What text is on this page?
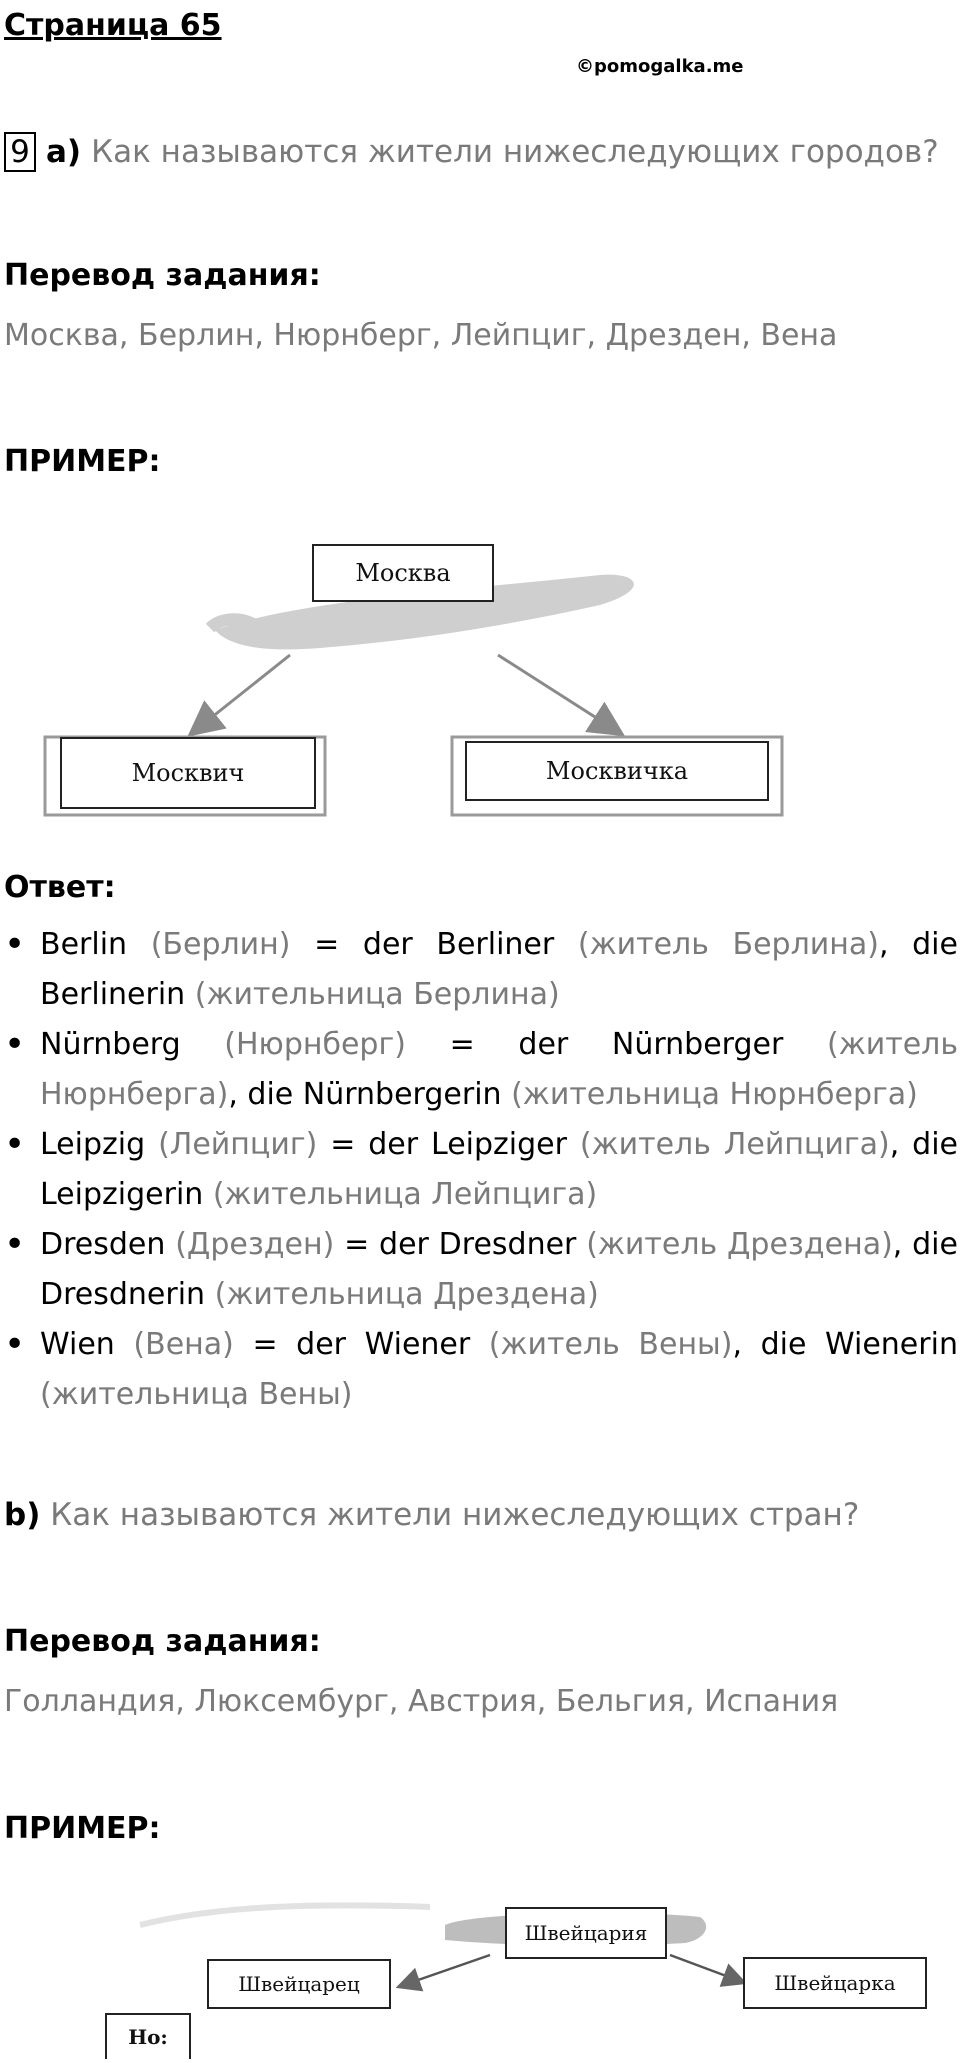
Страница 65
©pomogalka.me
9 a) Как называются жители нижеследующих городов?
Перевод задания:
Москва, Берлин, Нюрнберг, Лейпциг, Дрезден, Вена
ПРИМЕР:
Москва
Москвич	Москвичка
Ответ:
• Berlin (Берлин) = der Berliner (житель Берлина), die Berlinerin (жительница Берлина)
• Nürnberg (Нюрнберг) = der Nürnberger (житель Нюрнберга), die Nürnbergerin (жительница Нюрнберга)
• Leipzig (Лейпциг) = der Leipziger (житель Лейпцига), die Leipzigerin (жительница Лейпцига)
• Dresden (Дрезден) = der Dresdner (житель Дрездена), die Dresdnerin (жительница Дрездена)
• Wien (Вена) = der Wiener (житель Вены), die Wienerin (жительница Вены)
b) Как называются жители нижеследующих стран?
Перевод задания:
Голландия, Люксембург, Австрия, Бельгия, Испания
ПРИМЕР:
Швейцария
Швейцарец	Швейцарка
Но:
